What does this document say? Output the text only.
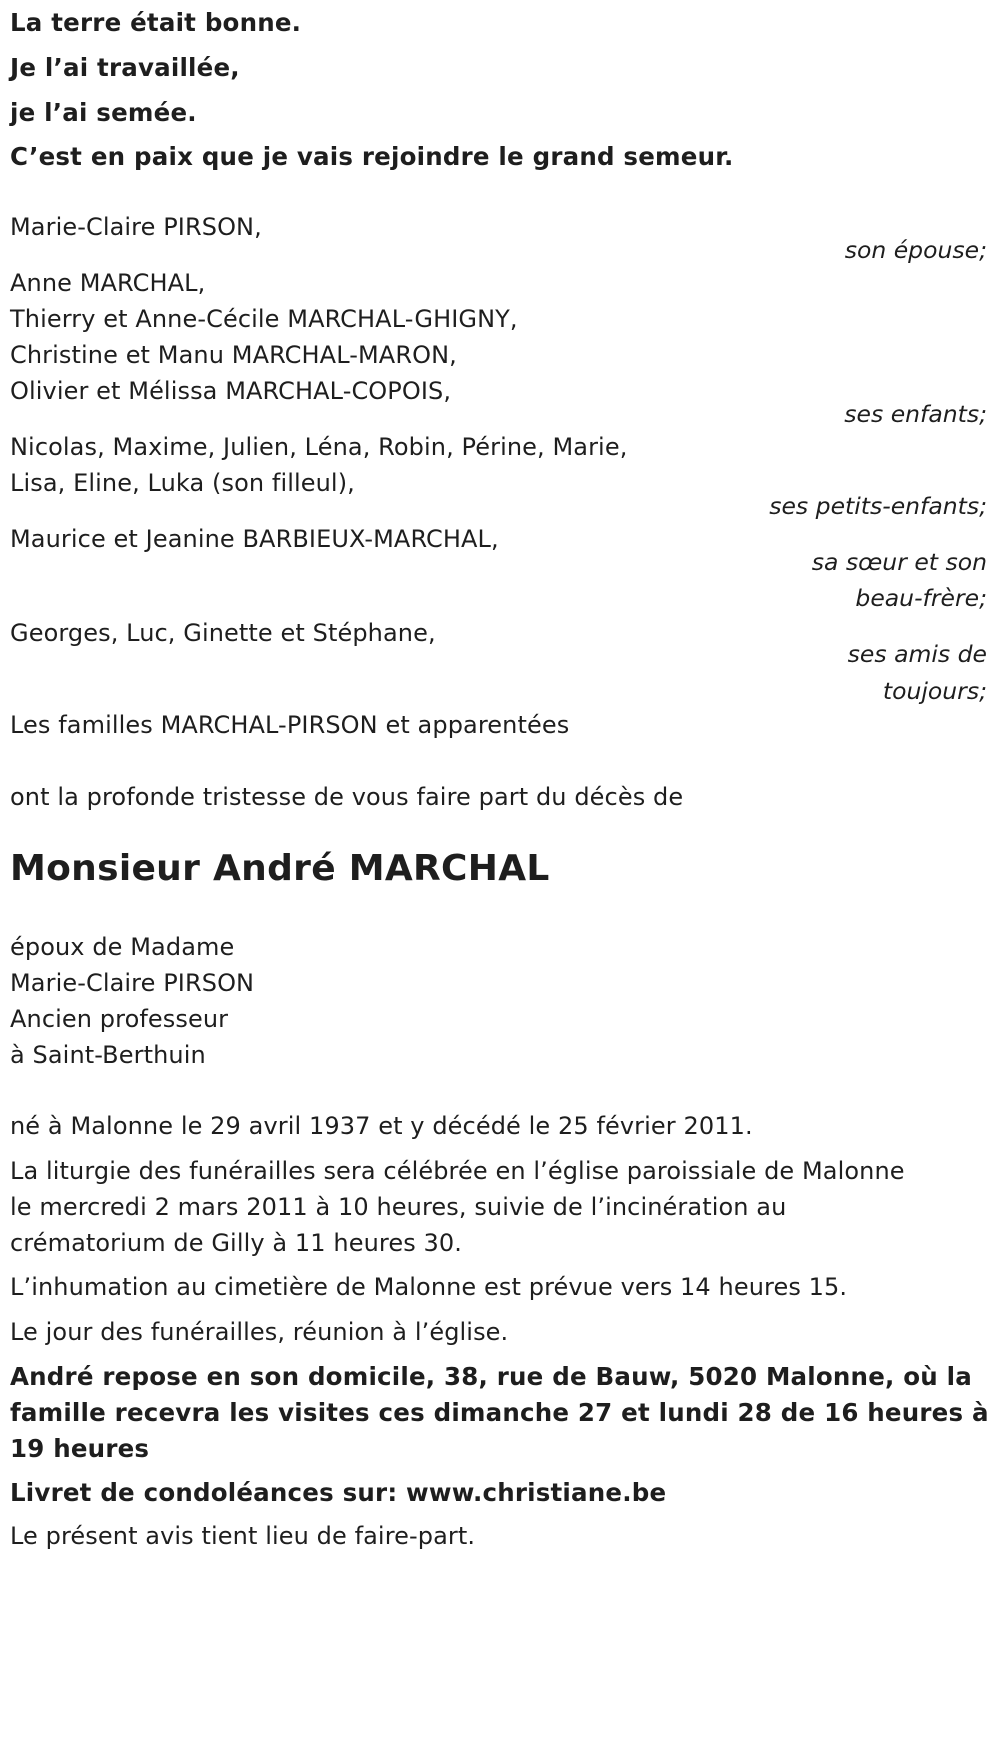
La terre était bonne.
Je l’ai travaillée,
je l’ai semée.
C’est en paix que je vais rejoindre le grand semeur.
Marie-Claire PIRSON,
son épouse;
Anne MARCHAL,
Thierry et Anne-Cécile MARCHAL-GHIGNY,
Christine et Manu MARCHAL-MARON,
Olivier et Mélissa MARCHAL-COPOIS,
ses enfants;
Nicolas, Maxime, Julien, Léna, Robin, Périne, Marie,
Lisa, Eline, Luka (son filleul),
ses petits-enfants;
Maurice et Jeanine BARBIEUX-MARCHAL,
sa sœur et son
beau-frère;
Georges, Luc, Ginette et Stéphane,
ses amis de
toujours;
Les familles MARCHAL-PIRSON et apparentées
ont la profonde tristesse de vous faire part du décès de
Monsieur André MARCHAL
époux de Madame
Marie-Claire PIRSON
Ancien professeur
à Saint-Berthuin
né à Malonne le 29 avril 1937 et y décédé le 25 février 2011.
La liturgie des funérailles sera célébrée en l’église paroissiale de Malonne
le mercredi 2 mars 2011 à 10 heures, suivie de l’incinération au
crématorium de Gilly à 11 heures 30.
L’inhumation au cimetière de Malonne est prévue vers 14 heures 15.
Le jour des funérailles, réunion à l’église.
André repose en son domicile, 38, rue de Bauw, 5020 Malonne, où la
famille recevra les visites ces dimanche 27 et lundi 28 de 16 heures à
19 heures
Livret de condoléances sur: www.christiane.be
Le présent avis tient lieu de faire-part.
